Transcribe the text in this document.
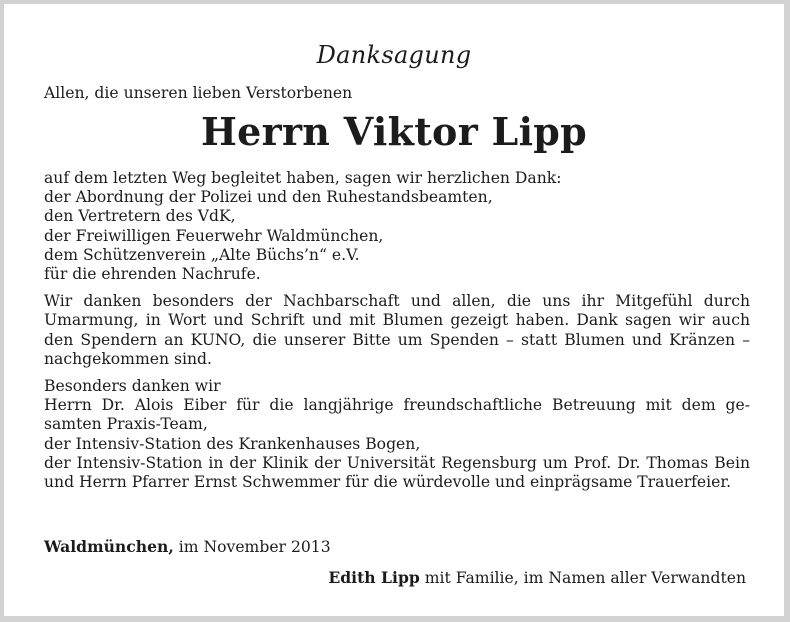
Danksagung
Allen, die unseren lieben Verstorbenen
Herrn Viktor Lipp
auf dem letzten Weg begleitet haben, sagen wir herzlichen Dank:
der Abordnung der Polizei und den Ruhestandsbeamten,
den Vertretern des VdK,
der Freiwilligen Feuerwehr Waldmünchen,
dem Schützenverein „Alte Büchs’n“ e.V.
für die ehrenden Nachrufe.
Wir danken besonders der Nachbarschaft und allen, die uns ihr Mitgefühl durch Umarmung, in Wort und Schrift und mit Blumen gezeigt haben. Dank sagen wir auch den Spendern an KUNO, die unserer Bitte um Spenden – statt Blumen und Kränzen – nachgekommen sind.
Besonders danken wir
Herrn Dr. Alois Eiber für die langjährige freundschaftliche Betreuung mit dem ge-samten Praxis-Team,
der Intensiv-Station des Krankenhauses Bogen,
der Intensiv-Station in der Klinik der Universität Regensburg um Prof. Dr. Thomas Bein und Herrn Pfarrer Ernst Schwemmer für die würdevolle und einprägsame Trauerfeier.
Waldmünchen, im November 2013
Edith Lipp mit Familie, im Namen aller Verwandten
